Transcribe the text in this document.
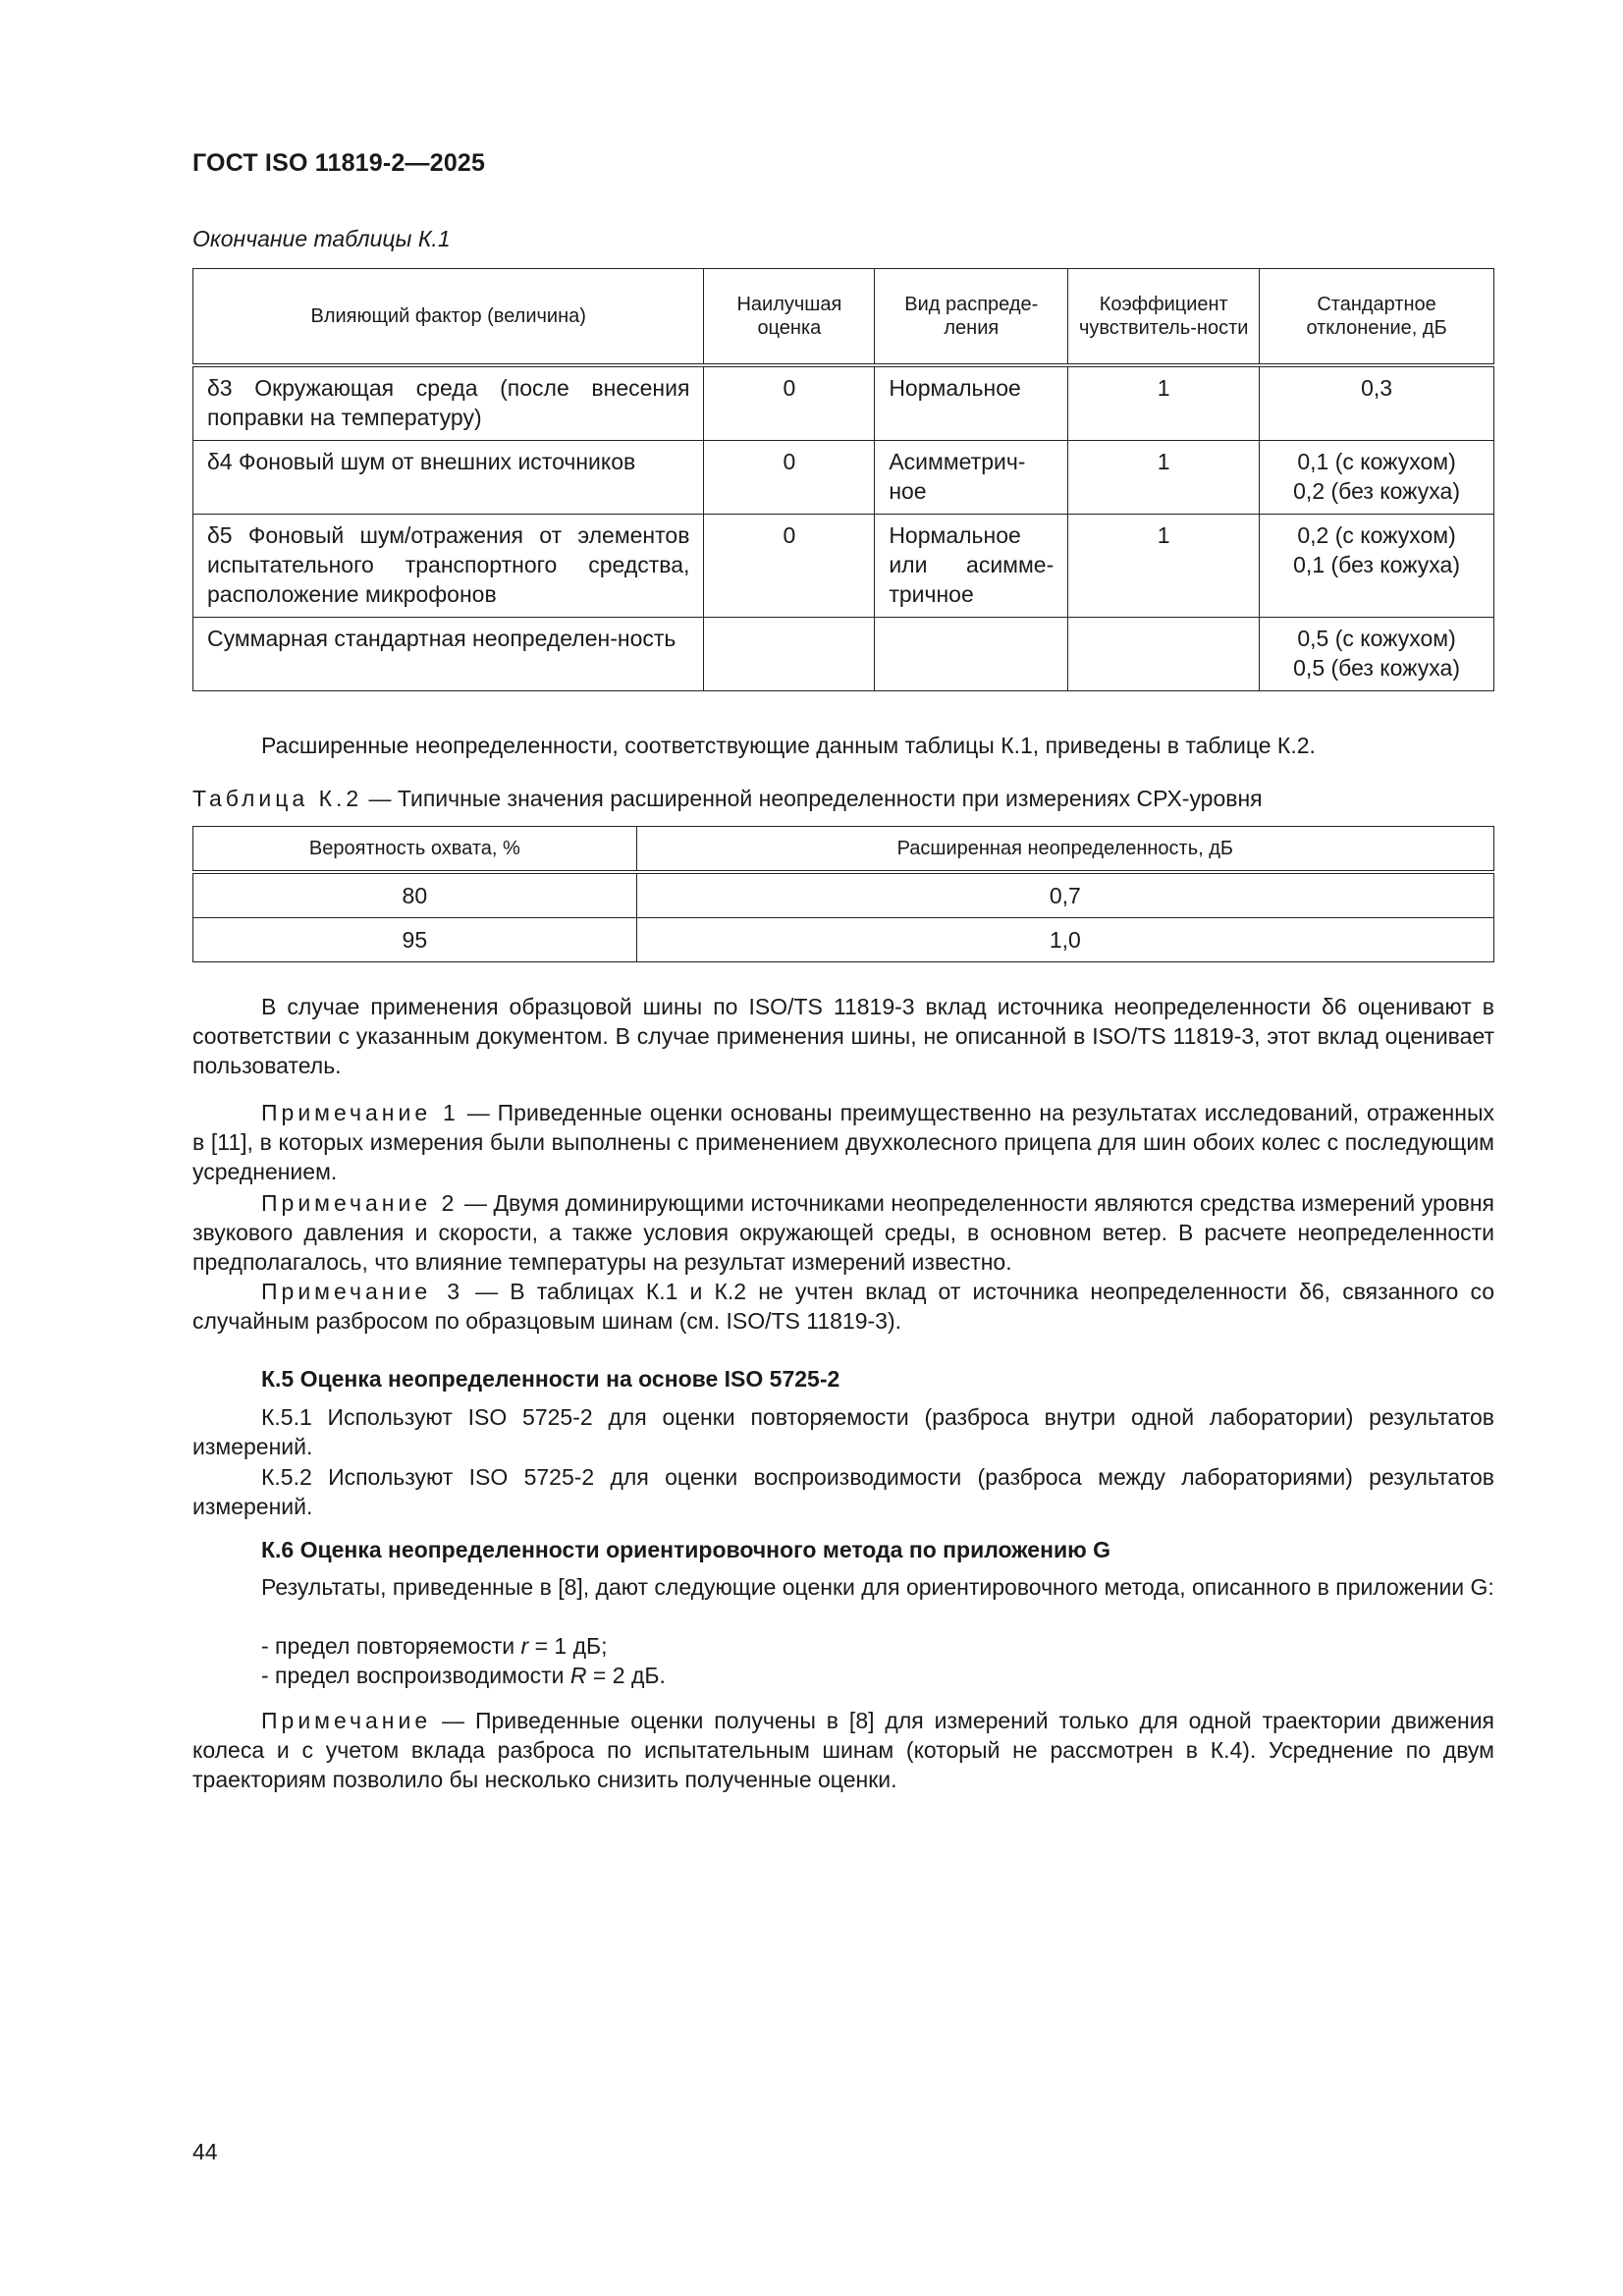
ГОСТ ISO 11819-2—2025
Окончание таблицы К.1
Влияющий фактор (величина)	Наилучшая оценка	Вид распреде-ления	Коэффициент чувствитель-ности	Стандартное отклонение, дБ
δ3 Окружающая среда (после внесения поправки на температуру)	0	Нормальное	1	0,3

δ4 Фоновый шум от внешних источников	0	Асимметрич-ное	1	0,1 (с кожухом)
0,2 (без кожуха)

δ5 Фоновый шум/отражения от элементов испытательного транспортного средства, расположение микрофонов	0	Нормальное или асимме-тричное	1	0,2 (с кожухом)
0,1 (без кожуха)

Суммарная стандартная неопределен-ность				0,5 (с кожухом)
0,5 (без кожуха)
Расширенные неопределенности, соответствующие данным таблицы К.1, приведены в таблице К.2.
Таблица К.2 — Типичные значения расширенной неопределенности при измерениях СРХ-уровня
Вероятность охвата, %	Расширенная неопределенность, дБ
80	0,7
95	1,0
В случае применения образцовой шины по ISO/TS 11819-3 вклад источника неопределенности δ6 оценивают в соответствии с указанным документом. В случае применения шины, не описанной в ISO/TS 11819-3, этот вклад оценивает пользователь.
Примечание 1 — Приведенные оценки основаны преимущественно на результатах исследований, отраженных в [11], в которых измерения были выполнены с применением двухколесного прицепа для шин обоих колес с последующим усреднением.
Примечание 2 — Двумя доминирующими источниками неопределенности являются средства измерений уровня звукового давления и скорости, а также условия окружающей среды, в основном ветер. В расчете неопределенности предполагалось, что влияние температуры на результат измерений известно.
Примечание 3 — В таблицах К.1 и К.2 не учтен вклад от источника неопределенности δ6, связанного со случайным разбросом по образцовым шинам (см. ISO/TS 11819-3).
К.5 Оценка неопределенности на основе ISO 5725-2
К.5.1 Используют ISO 5725-2 для оценки повторяемости (разброса внутри одной лаборатории) результатов измерений.
К.5.2 Используют ISO 5725-2 для оценки воспроизводимости (разброса между лабораториями) результатов измерений.
К.6 Оценка неопределенности ориентировочного метода по приложению G
Результаты, приведенные в [8], дают следующие оценки для ориентировочного метода, описанного в приложении G:
- предел повторяемости r = 1 дБ;
- предел воспроизводимости R = 2 дБ.
Примечание — Приведенные оценки получены в [8] для измерений только для одной траектории движения колеса и с учетом вклада разброса по испытательным шинам (который не рассмотрен в К.4). Усреднение по двум траекториям позволило бы несколько снизить полученные оценки.
44
